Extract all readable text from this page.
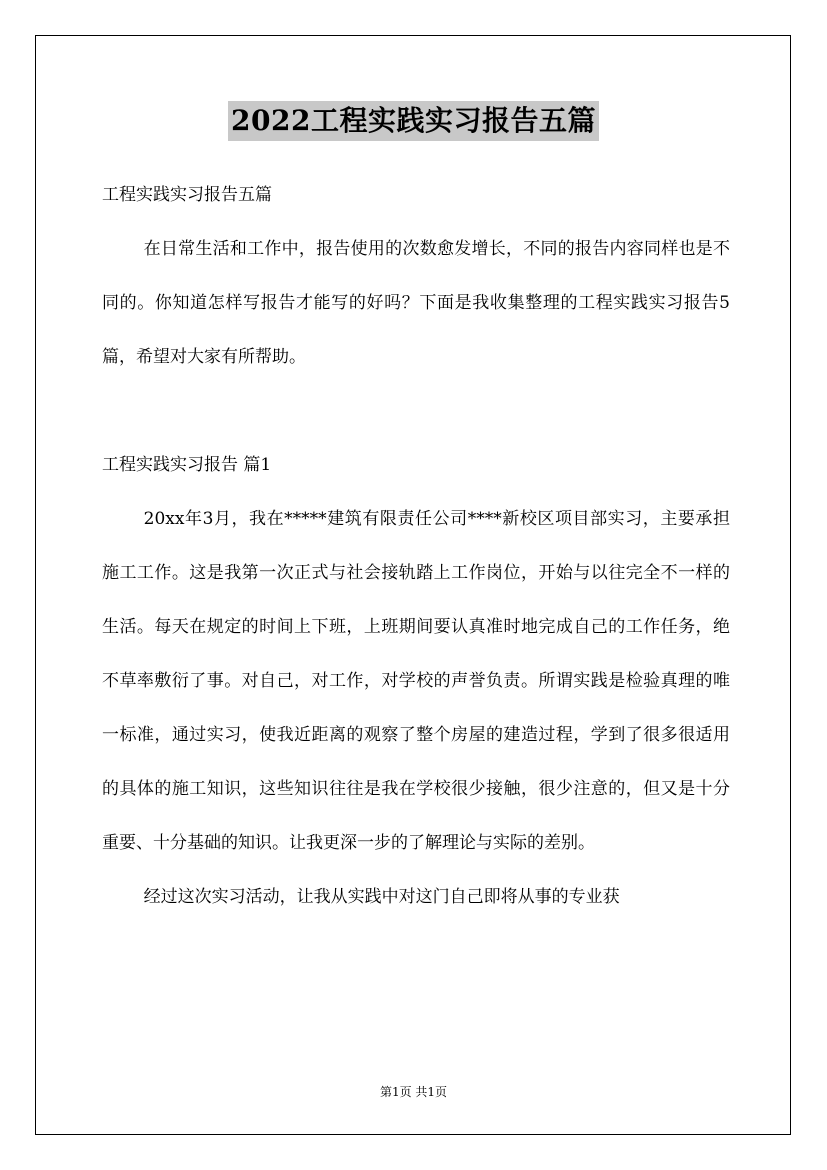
2022工程实践实习报告五篇

工程实践实习报告五篇

在日常生活和工作中，报告使用的次数愈发增长，不同的报告内容同样也是不同的。你知道怎样写报告才能写的好吗？下面是我收集整理的工程实践实习报告5篇，希望对大家有所帮助。

工程实践实习报告 篇1

20xx年3月，我在*****建筑有限责任公司****新校区项目部实习，主要承担施工工作。这是我第一次正式与社会接轨踏上工作岗位，开始与以往完全不一样的生活。每天在规定的时间上下班，上班期间要认真准时地完成自己的工作任务，绝不草率敷衍了事。对自己，对工作，对学校的声誉负责。所谓实践是检验真理的唯一标准，通过实习，使我近距离的观察了整个房屋的建造过程，学到了很多很适用的具体的施工知识，这些知识往往是我在学校很少接触，很少注意的，但又是十分重要、十分基础的知识。让我更深一步的了解理论与实际的差别。

经过这次实习活动，让我从实践中对这门自己即将从事的专业获

第1页 共1页
